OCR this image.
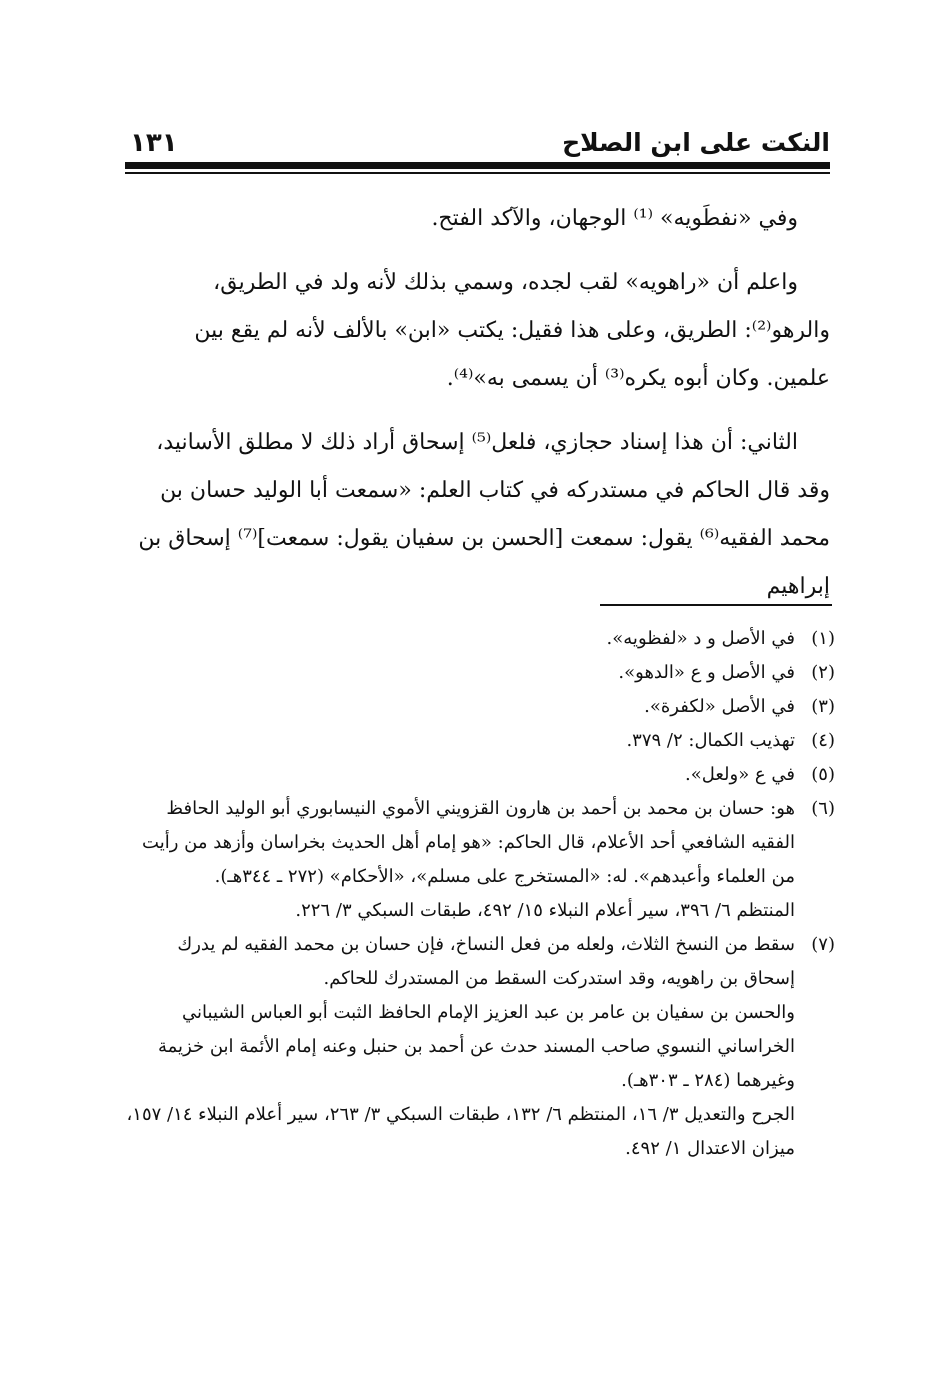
النكت على ابن الصلاح
١٣١

وفي «نفطَويه» ⁽¹⁾ الوجهان، والآكد الفتح.

واعلم أن «راهويه» لقب لجده، وسمي بذلك لأنه ولد في الطريق، والرهو⁽²⁾: الطريق، وعلى هذا فقيل: يكتب «ابن» بالألف لأنه لم يقع بين علمين. وكان أبوه يكره⁽³⁾ أن يسمى به»⁽⁴⁾.

الثاني: أن هذا إسناد حجازي، فلعل⁽⁵⁾ إسحاق أراد ذلك لا مطلق الأسانيد، وقد قال الحاكم في مستدركه في كتاب العلم: «سمعت أبا الوليد حسان بن محمد الفقيه⁽⁶⁾ يقول: سمعت [الحسن بن سفيان يقول: سمعت]⁽⁷⁾ إسحاق بن إبراهيم

(١)
في الأصل و د «لفظويه».
(٢)
في الأصل و ع «الدهو».
(٣)
في الأصل «لكفرة».
(٤)
تهذيب الكمال: ٢/ ٣٧٩.
(٥)
في ع «ولعل».
(٦)
هو: حسان بن محمد بن أحمد بن هارون القزويني الأموي النيسابوري أبو الوليد الحافظ الفقيه الشافعي أحد الأعلام، قال الحاكم: «هو إمام أهل الحديث بخراسان وأزهد من رأيت من العلماء وأعبدهم». له: «المستخرج على مسلم»، «الأحكام» (٢٧٢ ـ ٣٤٤هـ).
المنتظم ٦/ ٣٩٦، سير أعلام النبلاء ١٥/ ٤٩٢، طبقات السبكي ٣/ ٢٢٦.
(٧)
سقط من النسخ الثلاث، ولعله من فعل النساخ، فإن حسان بن محمد الفقيه لم يدرك إسحاق بن راهويه، وقد استدركت السقط من المستدرك للحاكم.
والحسن بن سفيان بن عامر بن عبد العزيز الإمام الحافظ الثبت أبو العباس الشيباني الخراساني النسوي صاحب المسند حدث عن أحمد بن حنبل وعنه إمام الأئمة ابن خزيمة وغيرهما (٢٨٤ ـ ٣٠٣هـ).
الجرح والتعديل ٣/ ١٦، المنتظم ٦/ ١٣٢، طبقات السبكي ٣/ ٢٦٣، سير أعلام النبلاء ١٤/ ١٥٧، ميزان الاعتدال ١/ ٤٩٢.
